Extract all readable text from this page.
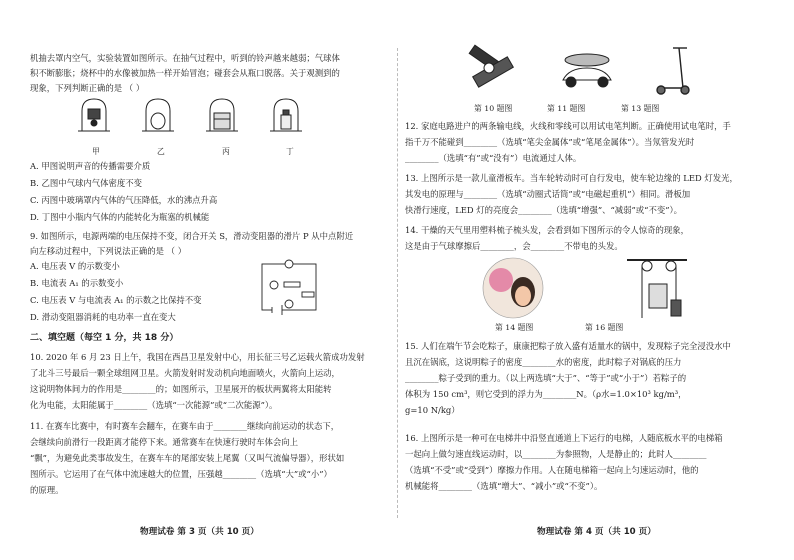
机抽去罩内空气，实验装置如图所示。在抽气过程中，听到的铃声越来越弱；气球体
积不断膨胀；烧杯中的水像被加热一样开始冒泡；碰套会从瓶口脱落。关于观测到的
现象，下列判断正确的是 （ ）
甲	乙	丙	丁
A. 甲图说明声音的传播需要介质
B. 乙图中气球内气体密度不变
C. 丙图中玻璃罩内气体的气压降低，水的沸点升高
D. 丁图中小瓶内气体的内能转化为瓶塞的机械能
9. 如图所示，电源两端的电压保持不变，闭合开关 S，滑动变阻器的滑片 P 从中点附近
向左移动过程中，下列说法正确的是 （ ）
A. 电压表 V 的示数变小
B. 电流表 A₁ 的示数变小
C. 电压表 V 与电流表 A₁ 的示数之比保持不变
D. 滑动变阻器消耗的电功率一直在变大
二、填空题（每空 1 分，共 18 分）
10. 2020 年 6 月 23 日上午，我国在西昌卫星发射中心，用长征三号乙运载火箭成功发射
了北斗三号最后一颗全球组网卫星。火箭发射时发动机向地面喷火，火箭向上运动，
这说明物体间力的作用是________的；如图所示，卫星展开的板状两翼将太阳能转
化为电能，太阳能属于________（选填“一次能源”或“二次能源”）。
11. 在赛车比赛中，有时赛车会翻车，在赛车由于________继续向前运动的状态下，
会继续向前滑行一段距离才能停下来。通常赛车在快速行驶时车体会向上
“飘”，为避免此类事故发生，在赛车车的尾部安装上尾翼（又叫气流偏导器），形状如
图所示。它运用了在气体中流速越大的位置，压强越________（选填“大”或“小”）
的原理。
物理试卷 第 3 页（共 10 页）
第 10 题图	第 11 题图	第 13 题图
12. 家庭电路进户的两条输电线，火线和零线可以用试电笔判断。正确使用试电笔时，手
指千万不能碰到________（选填“笔尖金属体”或“笔尾金属体”）。当氖管发光时
________（选填“有”或“没有”）电流通过人体。
13. 上图所示是一款儿童滑板车。当车轮转动时可自行发电，使车轮边缘的 LED 灯发光，
其发电的原理与________（选填“动圈式话筒”或“电磁起重机”）相同。滑板加
快滑行速度，LED 灯的亮度会________（选填“增强”、“减弱”或“不变”）。
14. 干燥的天气里用塑料梳子梳头发，会看到如下图所示的令人惊奇的现象，
这是由于气球摩擦后________，会________不带电的头发。
第 14 题图	第 16 题图
15. 人们在端午节会吃粽子，康康把粽子放入盛有适量水的锅中，发现粽子完全浸没水中
且沉在锅底，这说明粽子的密度________水的密度，此时粽子对锅底的压力
________粽子受到的重力。（以上两选填“大于”、“等于”或“小于”）若粽子的
体积为 150 cm³，则它受到的浮力为________N。（ρ水=1.0×10³ kg/m³，
g=10 N/kg）
16. 上图所示是一种可在电梯井中沿竖直通道上下运行的电梯，人随底板水平的电梯箱
一起向上做匀速直线运动时，以________为参照物，人是静止的；此时人________
（选填“不受”或“受到”）摩擦力作用。人在随电梯箱一起向上匀速运动时，他的
机械能将________（选填“增大”、“减小”或“不变”）。
物理试卷 第 4 页（共 10 页）
